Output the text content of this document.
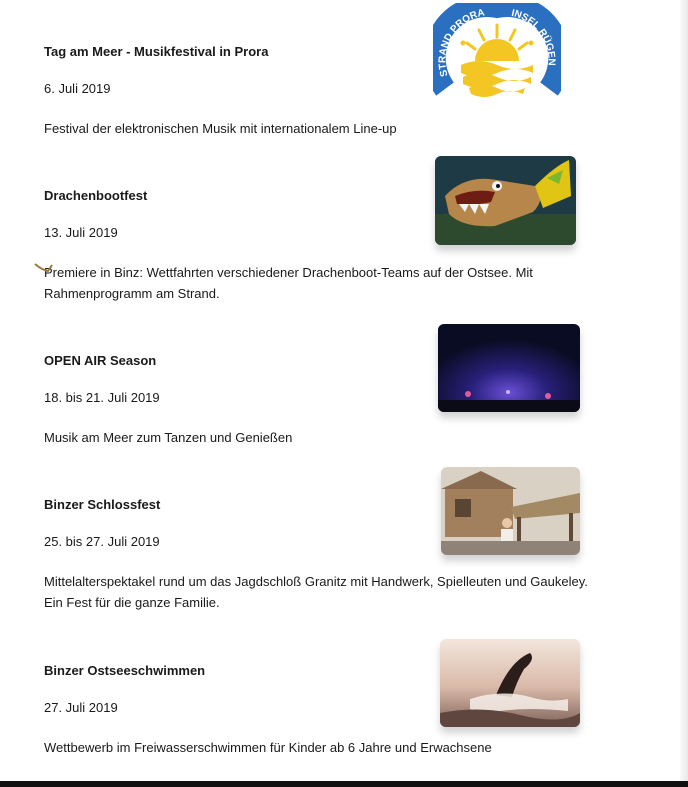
STRAND PRORA INSEL RÜGEN
Tag am Meer - Musikfestival in Prora
6. Juli 2019
Festival der elektronischen Musik mit internationalem Line-up
Drachenbootfest
13. Juli 2019
Premiere in Binz: Wettfahrten verschiedener Drachenboot-Teams auf der Ostsee. Mit Rahmenprogramm am Strand.
OPEN AIR Season
18. bis 21. Juli 2019
Musik am Meer zum Tanzen und Genießen
Binzer Schlossfest
25. bis 27. Juli 2019
Mittelalterspektakel rund um das Jagdschloß Granitz mit Handwerk, Spielleuten und Gaukeley. Ein Fest für die ganze Familie.
Binzer Ostseeschwimmen
27. Juli 2019
Wettbewerb im Freiwasserschwimmen für Kinder ab 6 Jahre und Erwachsene
